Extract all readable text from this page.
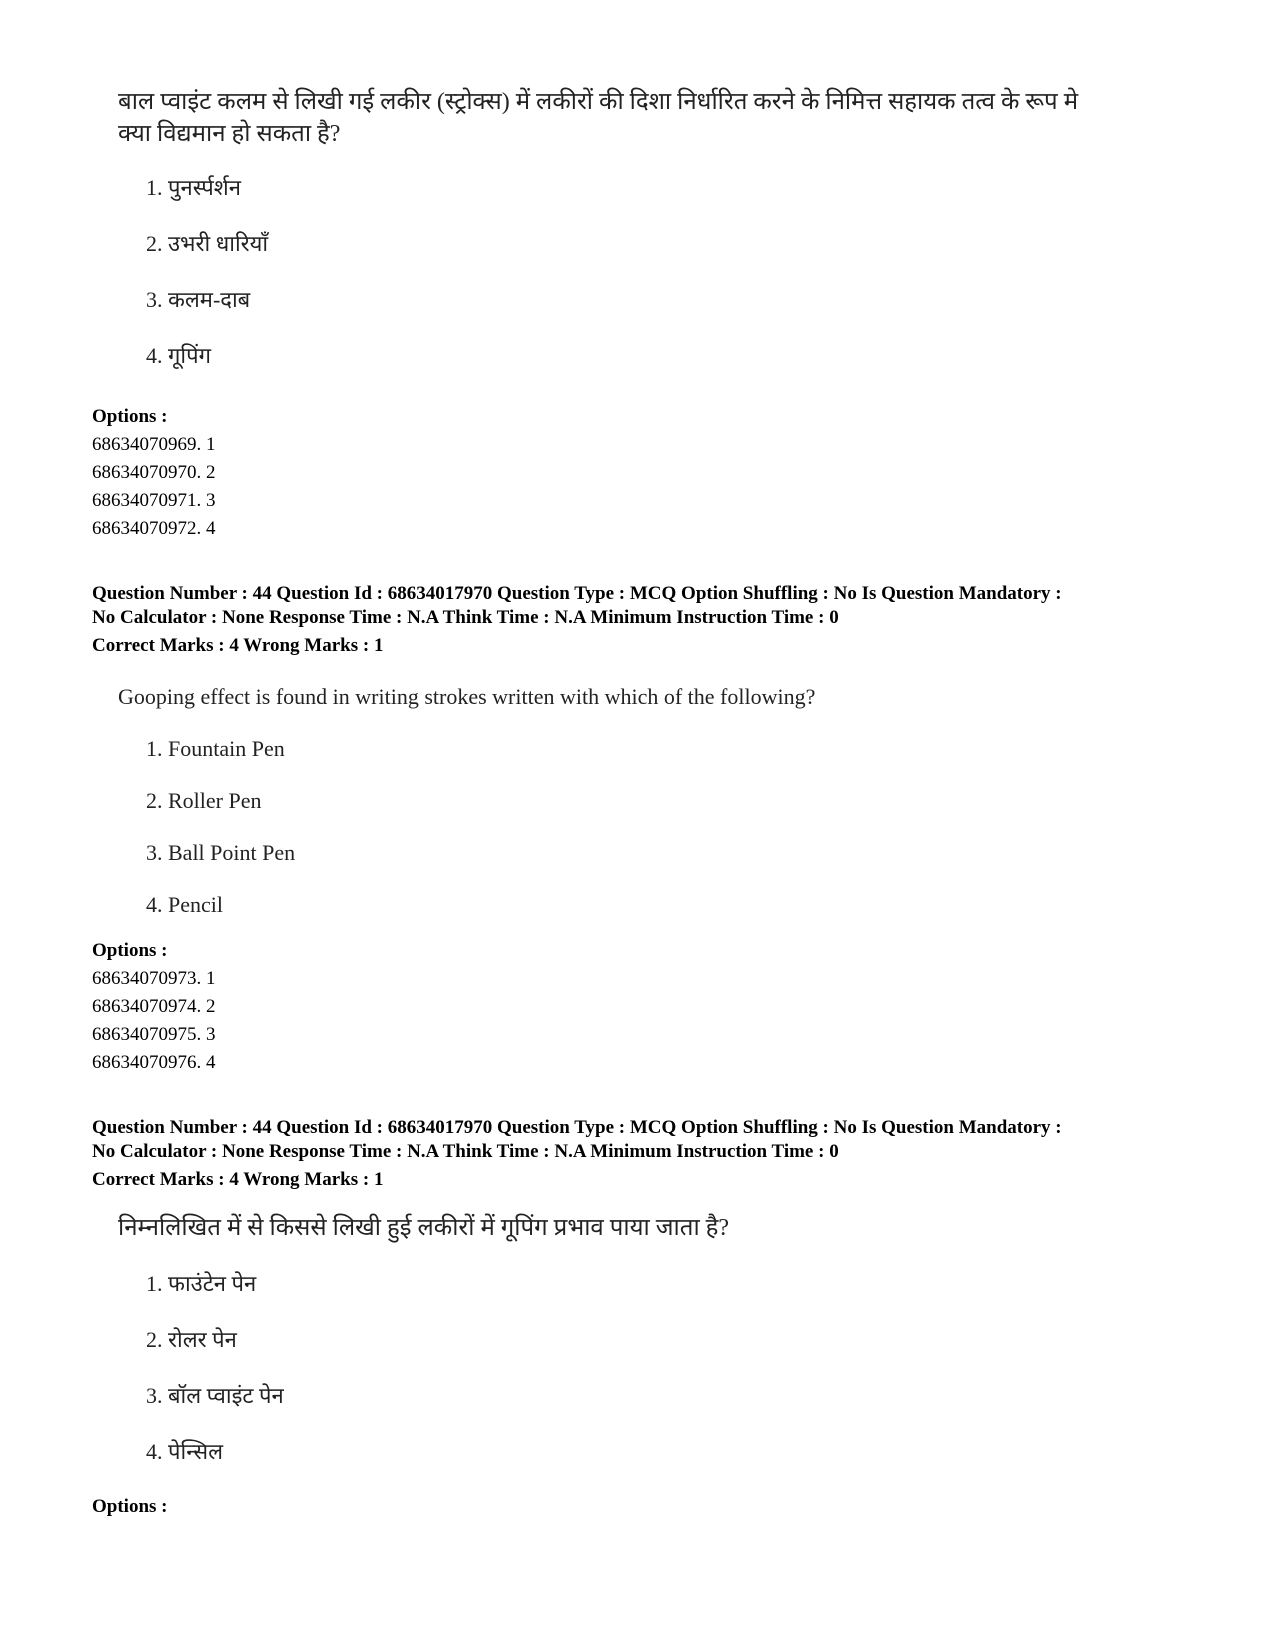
बाल प्वाइंट कलम से लिखी गई लकीर (स्ट्रोक्स) में लकीरों की दिशा निर्धारित करने के निमित्त सहायक तत्व के रूप मे
क्या विद्यमान हो सकता है?
1. पुनर्स्पर्शन
2. उभरी धारियाँ
3. कलम-दाब
4. गूपिंग
Options :
68634070969. 1
68634070970. 2
68634070971. 3
68634070972. 4
Question Number : 44 Question Id : 68634017970 Question Type : MCQ Option Shuffling : No Is Question Mandatory :
No Calculator : None Response Time : N.A Think Time : N.A Minimum Instruction Time : 0
Correct Marks : 4 Wrong Marks : 1
Gooping effect is found in writing strokes written with which of the following?
1. Fountain Pen
2. Roller Pen
3. Ball Point Pen
4. Pencil
Options :
68634070973. 1
68634070974. 2
68634070975. 3
68634070976. 4
Question Number : 44 Question Id : 68634017970 Question Type : MCQ Option Shuffling : No Is Question Mandatory :
No Calculator : None Response Time : N.A Think Time : N.A Minimum Instruction Time : 0
Correct Marks : 4 Wrong Marks : 1
निम्नलिखित में से किससे लिखी हुई लकीरों में गूपिंग प्रभाव पाया जाता है?
1. फाउंटेन पेन
2. रोलर पेन
3. बॉल प्वाइंट पेन
4. पेन्सिल
Options :
